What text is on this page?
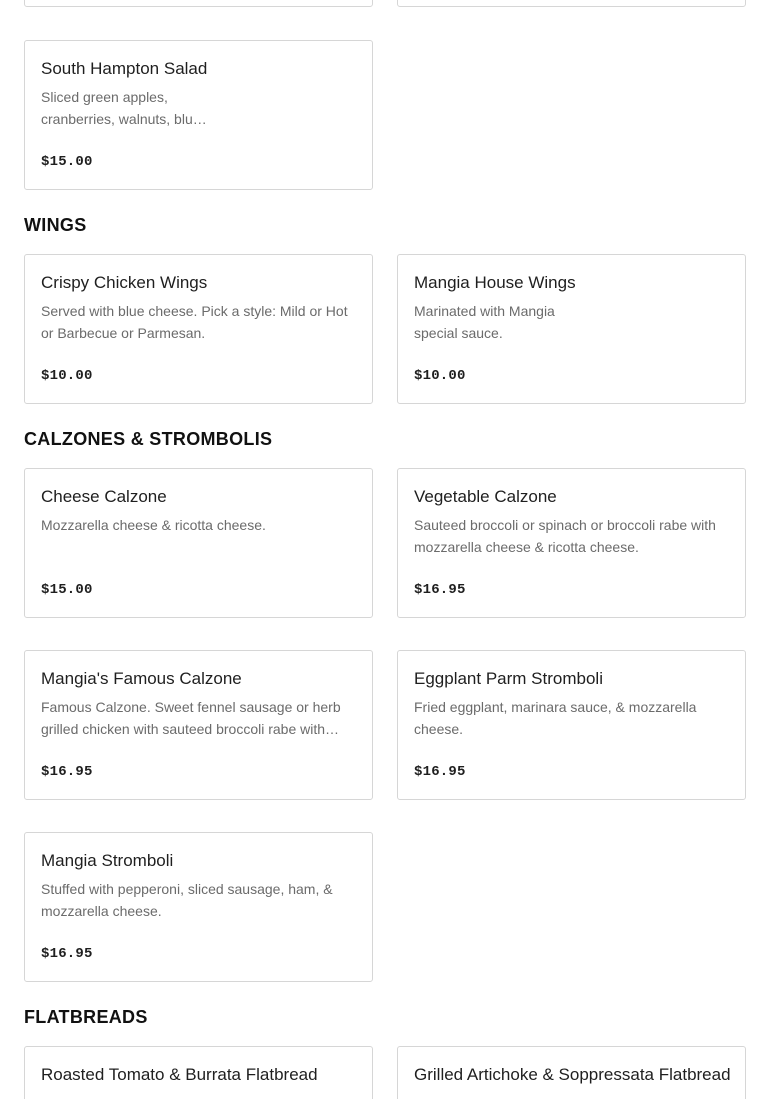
South Hampton Salad
Sliced green apples, cranberries, walnuts, blu…
$15.00
WINGS
Crispy Chicken Wings
Served with blue cheese. Pick a style: Mild or Hot or Barbecue or Parmesan.
$10.00
Mangia House Wings
Marinated with Mangia special sauce.
$10.00
CALZONES & STROMBOLIS
Cheese Calzone
Mozzarella cheese & ricotta cheese.
$15.00
Vegetable Calzone
Sauteed broccoli or spinach or broccoli rabe with mozzarella cheese & ricotta cheese.
$16.95
Mangia's Famous Calzone
Famous Calzone. Sweet fennel sausage or herb grilled chicken with sauteed broccoli rabe with…
$16.95
Eggplant Parm Stromboli
Fried eggplant, marinara sauce, & mozzarella cheese.
$16.95
Mangia Stromboli
Stuffed with pepperoni, sliced sausage, ham, & mozzarella cheese.
$16.95
FLATBREADS
Roasted Tomato & Burrata Flatbread	Grilled Artichoke & Soppressata Flatbread
